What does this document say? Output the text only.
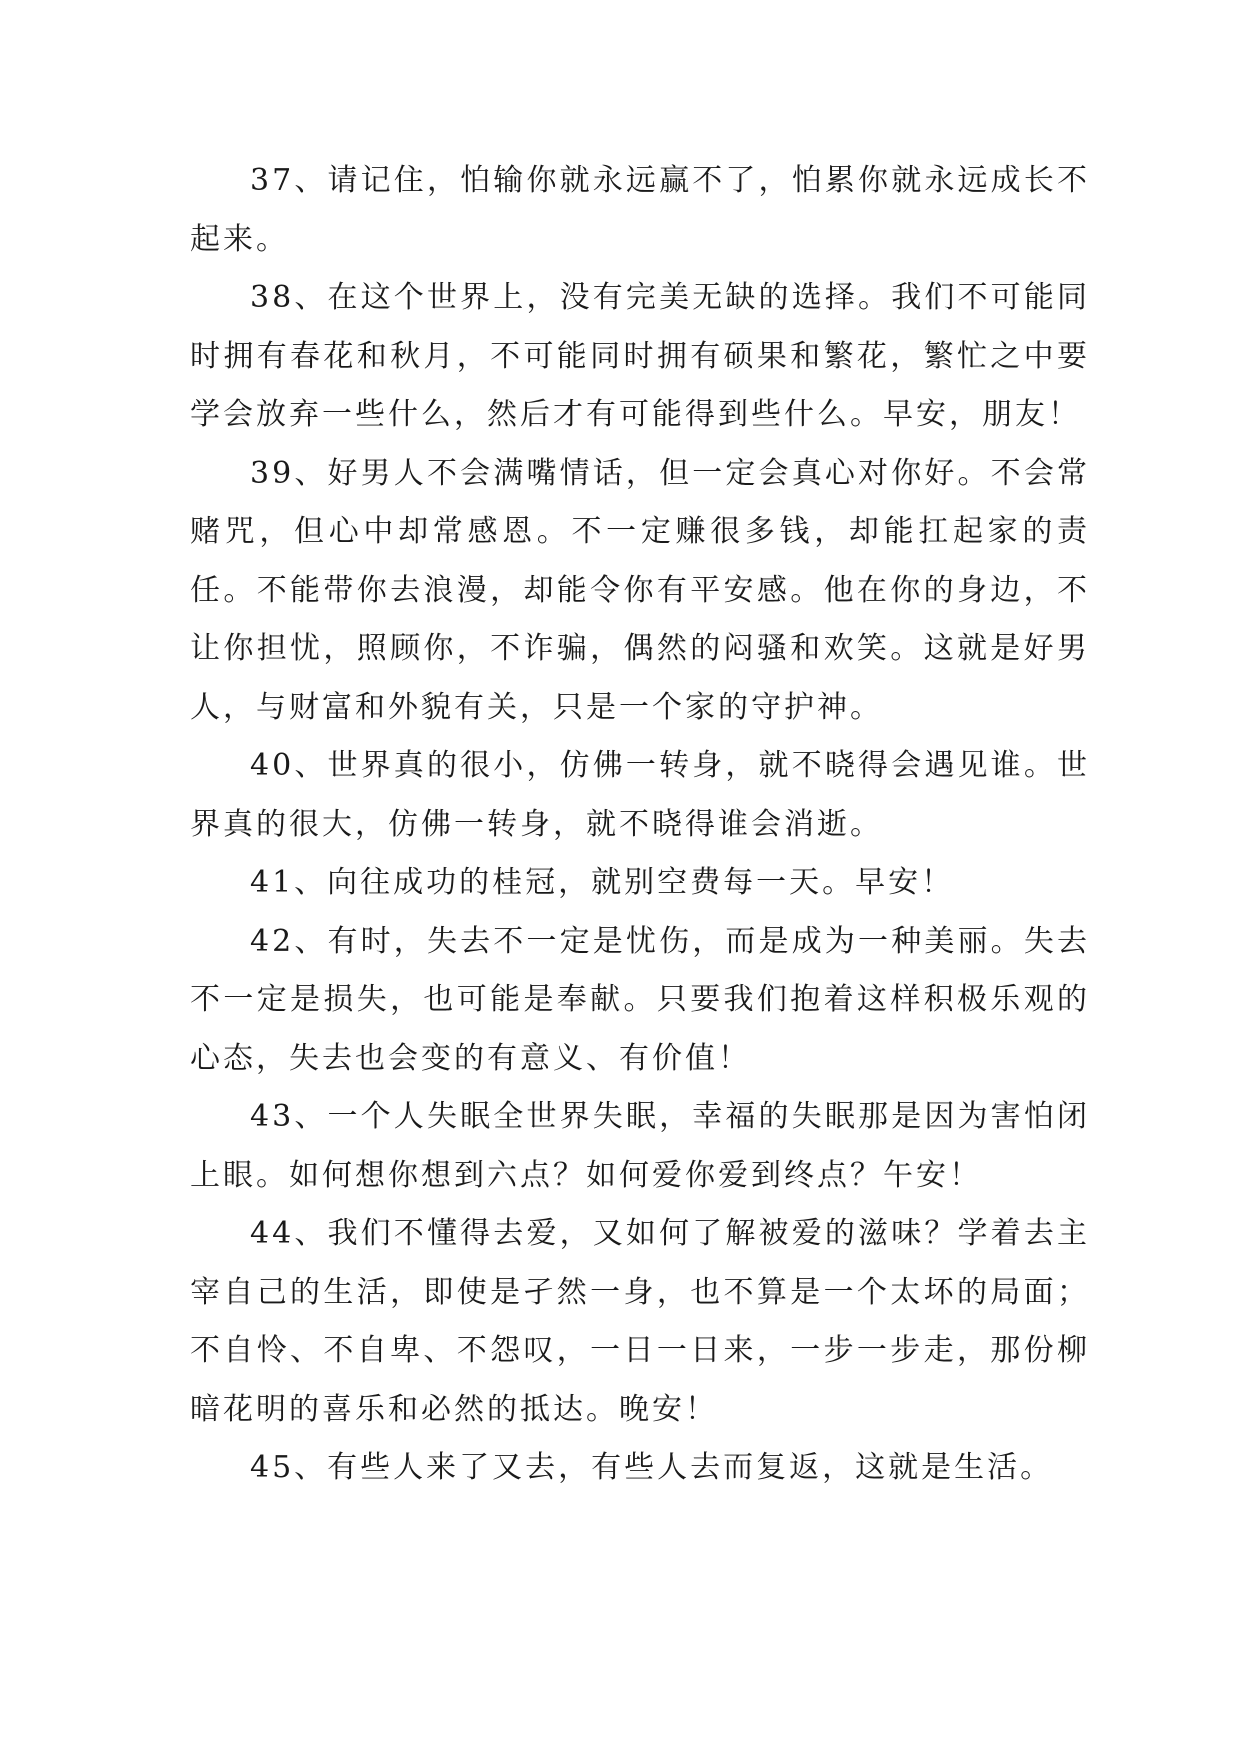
37、请记住，怕输你就永远赢不了，怕累你就永远成长不起来。

38、在这个世界上，没有完美无缺的选择。我们不可能同时拥有春花和秋月，不可能同时拥有硕果和繁花，繁忙之中要学会放弃一些什么，然后才有可能得到些什么。早安，朋友！

39、好男人不会满嘴情话，但一定会真心对你好。不会常赌咒，但心中却常感恩。不一定赚很多钱，却能扛起家的责任。不能带你去浪漫，却能令你有平安感。他在你的身边，不让你担忧，照顾你，不诈骗，偶然的闷骚和欢笑。这就是好男人，与财富和外貌有关，只是一个家的守护神。

40、世界真的很小，仿佛一转身，就不晓得会遇见谁。世界真的很大，仿佛一转身，就不晓得谁会消逝。

41、向往成功的桂冠，就别空费每一天。早安！

42、有时，失去不一定是忧伤，而是成为一种美丽。失去不一定是损失，也可能是奉献。只要我们抱着这样积极乐观的心态，失去也会变的有意义、有价值！

43、一个人失眠全世界失眠，幸福的失眠那是因为害怕闭上眼。如何想你想到六点？如何爱你爱到终点？午安！

44、我们不懂得去爱，又如何了解被爱的滋味？学着去主宰自己的生活，即使是孑然一身，也不算是一个太坏的局面；不自怜、不自卑、不怨叹，一日一日来，一步一步走，那份柳暗花明的喜乐和必然的抵达。晚安！

45、有些人来了又去，有些人去而复返，这就是生活。
